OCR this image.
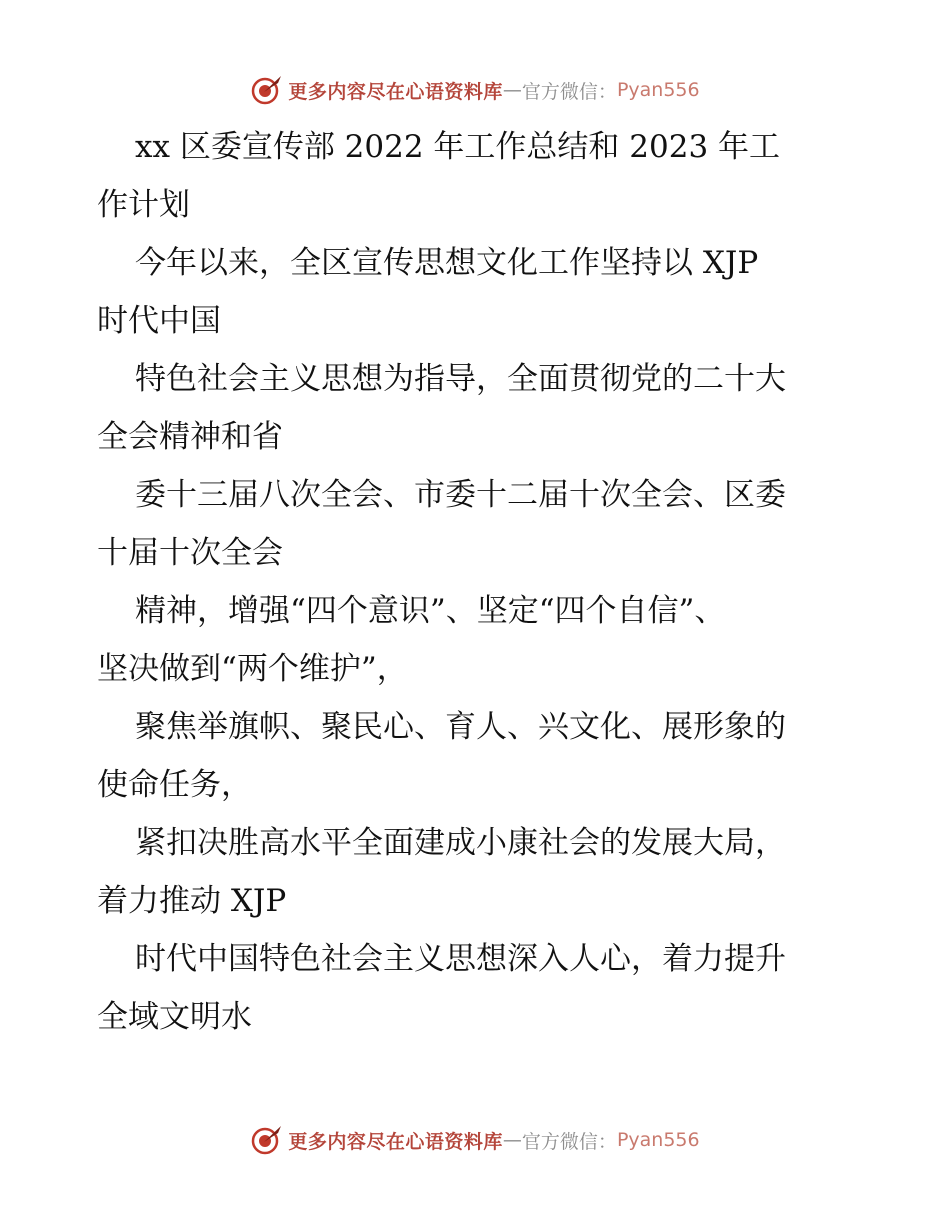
更多内容尽在心语资料库 — 官方微信： Pyan556
xx 区委宣传部 2022 年工作总结和 2023 年工
作计划
今年以来，全区宣传思想文化工作坚持以 XJP
时代中国
特色社会主义思想为指导，全面贯彻党的二十大
全会精神和省
委十三届八次全会、市委十二届十次全会、区委
十届十次全会
精神，增强“四个意识”、坚定“四个自信”、
坚决做到“两个维护”，
聚焦举旗帜、聚民心、育人、兴文化、展形象的
使命任务，
紧扣决胜高水平全面建成小康社会的发展大局，
着力推动 XJP
时代中国特色社会主义思想深入人心，着力提升
全域文明水
更多内容尽在心语资料库 — 官方微信： Pyan556
